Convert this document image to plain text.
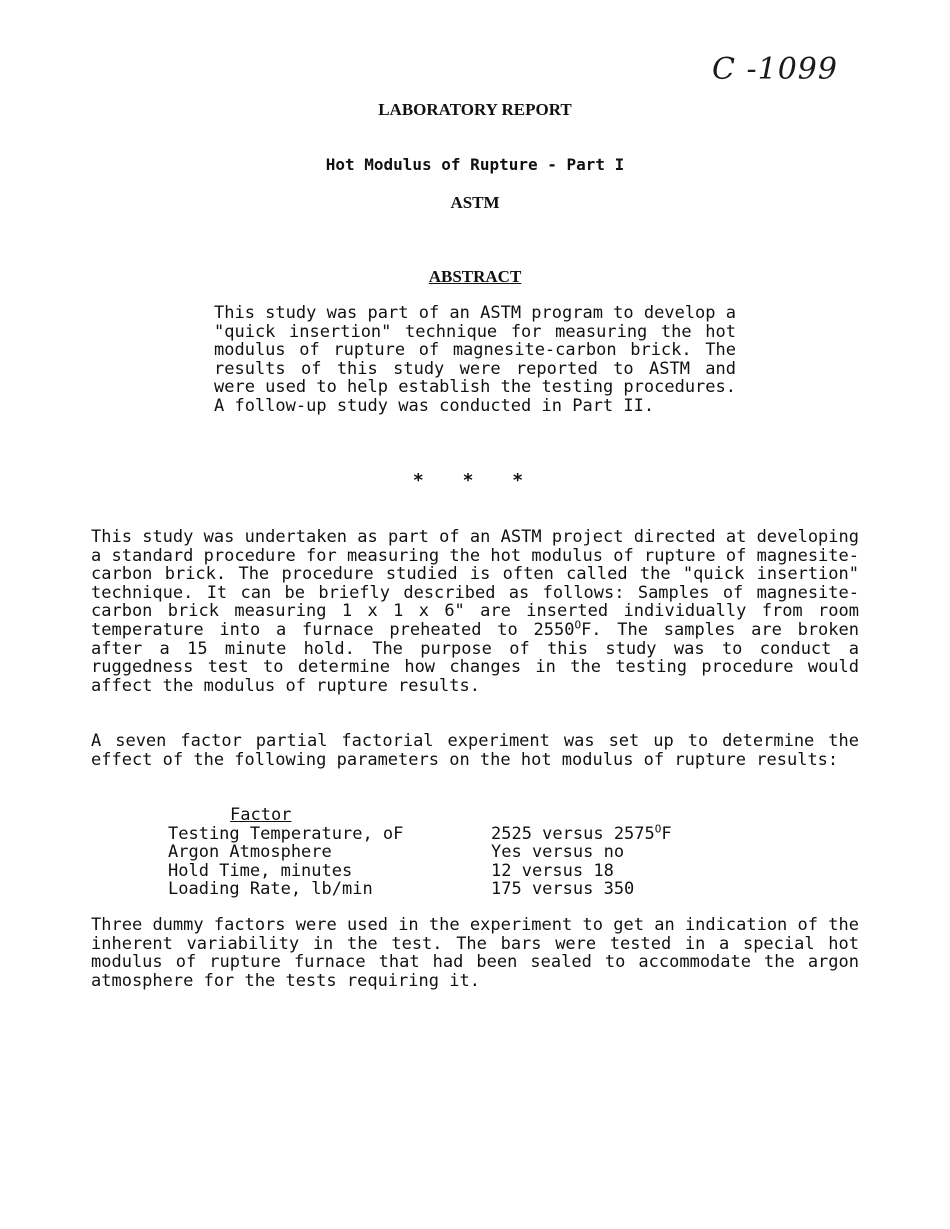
C -1099
LABORATORY REPORT
Hot Modulus of Rupture - Part I
ASTM
ABSTRACT
This study was part of an ASTM program to develop a "quick insertion" technique for measuring the hot modulus of rupture of magnesite-carbon brick. The results of this study were reported to ASTM and were used to help establish the testing procedures. A follow-up study was conducted in Part II.
* * *
This study was undertaken as part of an ASTM project directed at developing a standard procedure for measuring the hot modulus of rupture of magnesite-carbon brick. The procedure studied is often called the "quick insertion" technique. It can be briefly described as follows: Samples of magnesite-carbon brick measuring 1 x 1 x 6" are inserted individually from room temperature into a furnace preheated to $2550^OF$. The samples are broken after a 15 minute hold. The purpose of this study was to conduct a ruggedness test to determine how changes in the testing procedure would affect the modulus of rupture results.
A seven factor partial factorial experiment was set up to determine the effect of the following parameters on the hot modulus of rupture results:
Factor	
Testing Temperature, oF	2525 versus $2575^OF$
Argon Atmosphere	Yes versus no
Hold Time, minutes	12 versus 18
Loading Rate, lb/min	175 versus 350
Three dummy factors were used in the experiment to get an indication of the inherent variability in the test. The bars were tested in a special hot modulus of rupture furnace that had been sealed to accommodate the argon atmosphere for the tests requiring it.
